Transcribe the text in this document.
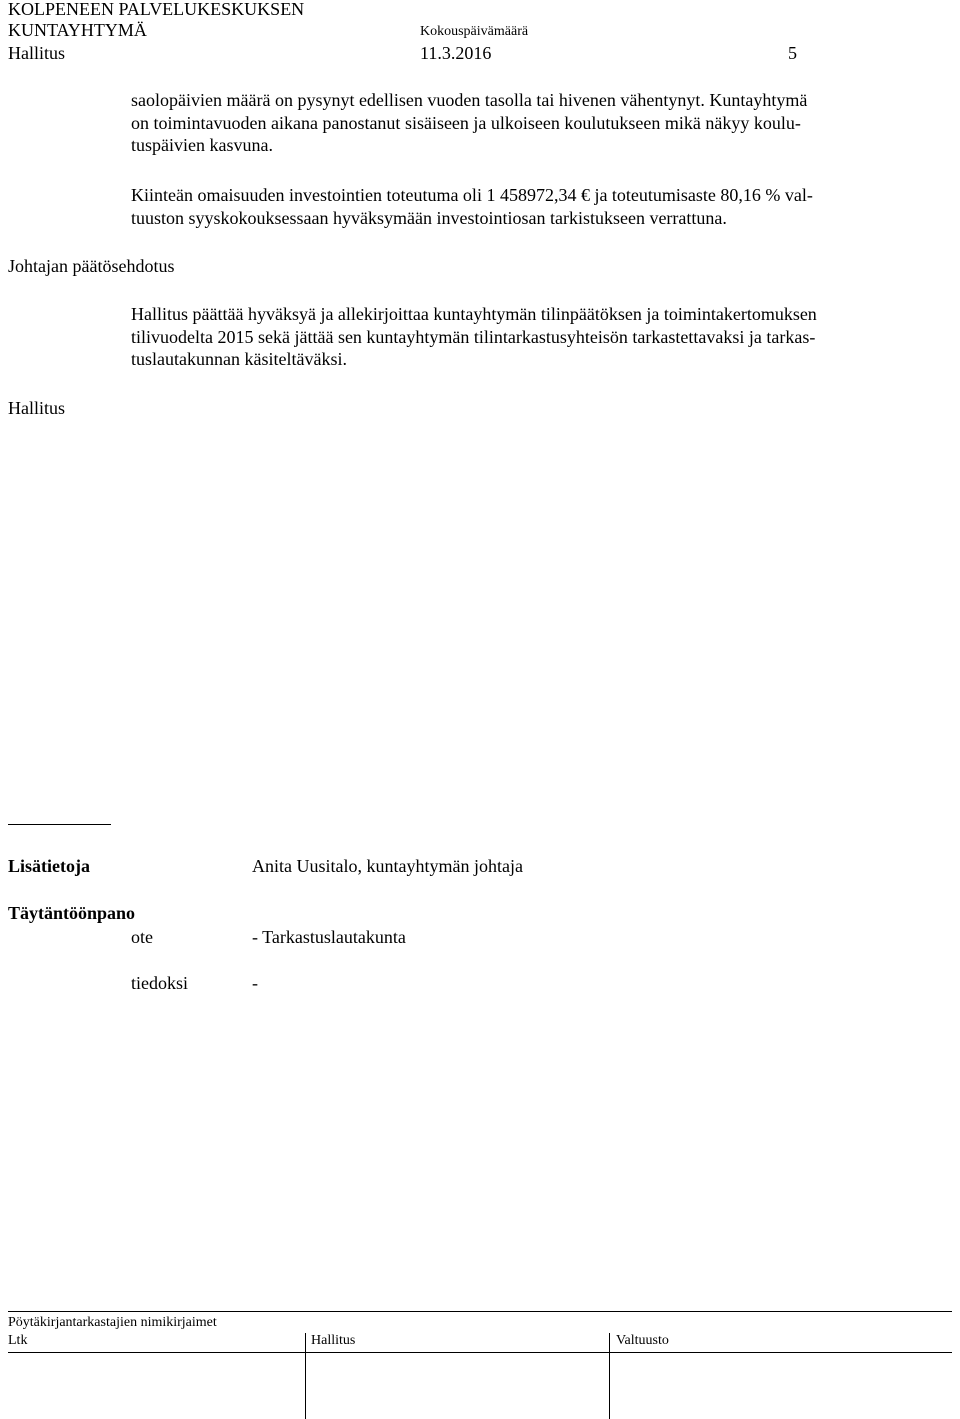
KOLPENEEN PALVELUKESKUKSEN
KUNTAYHTYMÄ	Kokouspäivämäärä
Hallitus	11.3.2016	5
saolopäivien määrä on pysynyt edellisen vuoden tasolla tai hivenen vähentynyt. Kuntayhtymä
on toimintavuoden aikana panostanut sisäiseen ja ulkoiseen koulutukseen mikä näkyy koulu-
tuspäivien kasvuna.
Kiinteän omaisuuden investointien toteutuma oli 1 458972,34 € ja toteutumisaste 80,16 % val-
tuuston syyskokouksessaan hyväksymään investointiosan tarkistukseen verrattuna.
Johtajan päätösehdotus
Hallitus päättää hyväksyä ja allekirjoittaa kuntayhtymän tilinpäätöksen ja toimintakertomuksen
tilivuodelta 2015 sekä jättää sen kuntayhtymän tilintarkastusyhteisön tarkastettavaksi ja tarkas-
tuslautakunnan käsiteltäväksi.
Hallitus
Lisätietoja	Anita Uusitalo, kuntayhtymän johtaja
Täytäntöönpano
ote	- Tarkastuslautakunta
tiedoksi	-
Pöytäkirjantarkastajien nimikirjaimet
Ltk	Hallitus	Valtuusto
